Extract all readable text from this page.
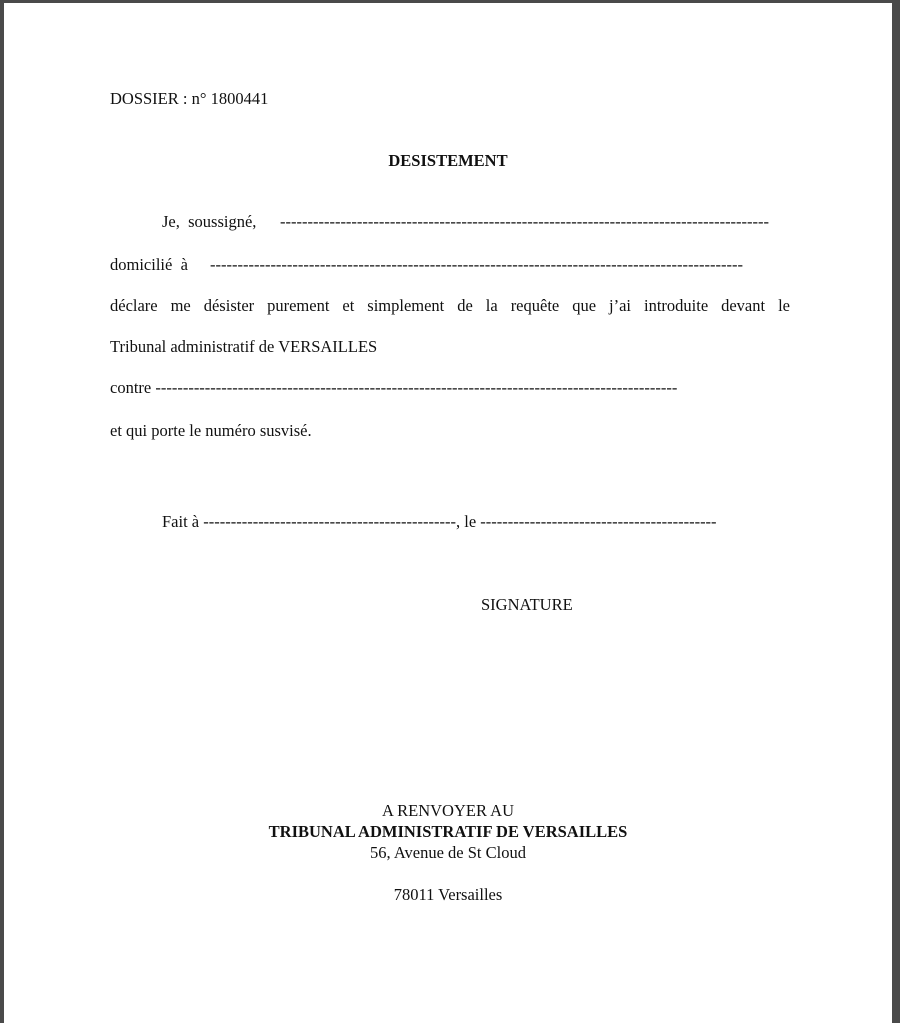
DOSSIER : n° 1800441
DESISTEMENT
Je,  soussigné, -----------------------------------------------------------------------------------------
domicilié  à -------------------------------------------------------------------------------------------------
déclare me désister purement et simplement de la requête que j’ai introduite devant le
Tribunal administratif de VERSAILLES
contre -----------------------------------------------------------------------------------------------
et qui porte le numéro susvisé.
Fait à ----------------------------------------------, le -------------------------------------------
SIGNATURE
A RENVOYER AU
TRIBUNAL ADMINISTRATIF DE VERSAILLES
56, Avenue de St Cloud
78011 Versailles
